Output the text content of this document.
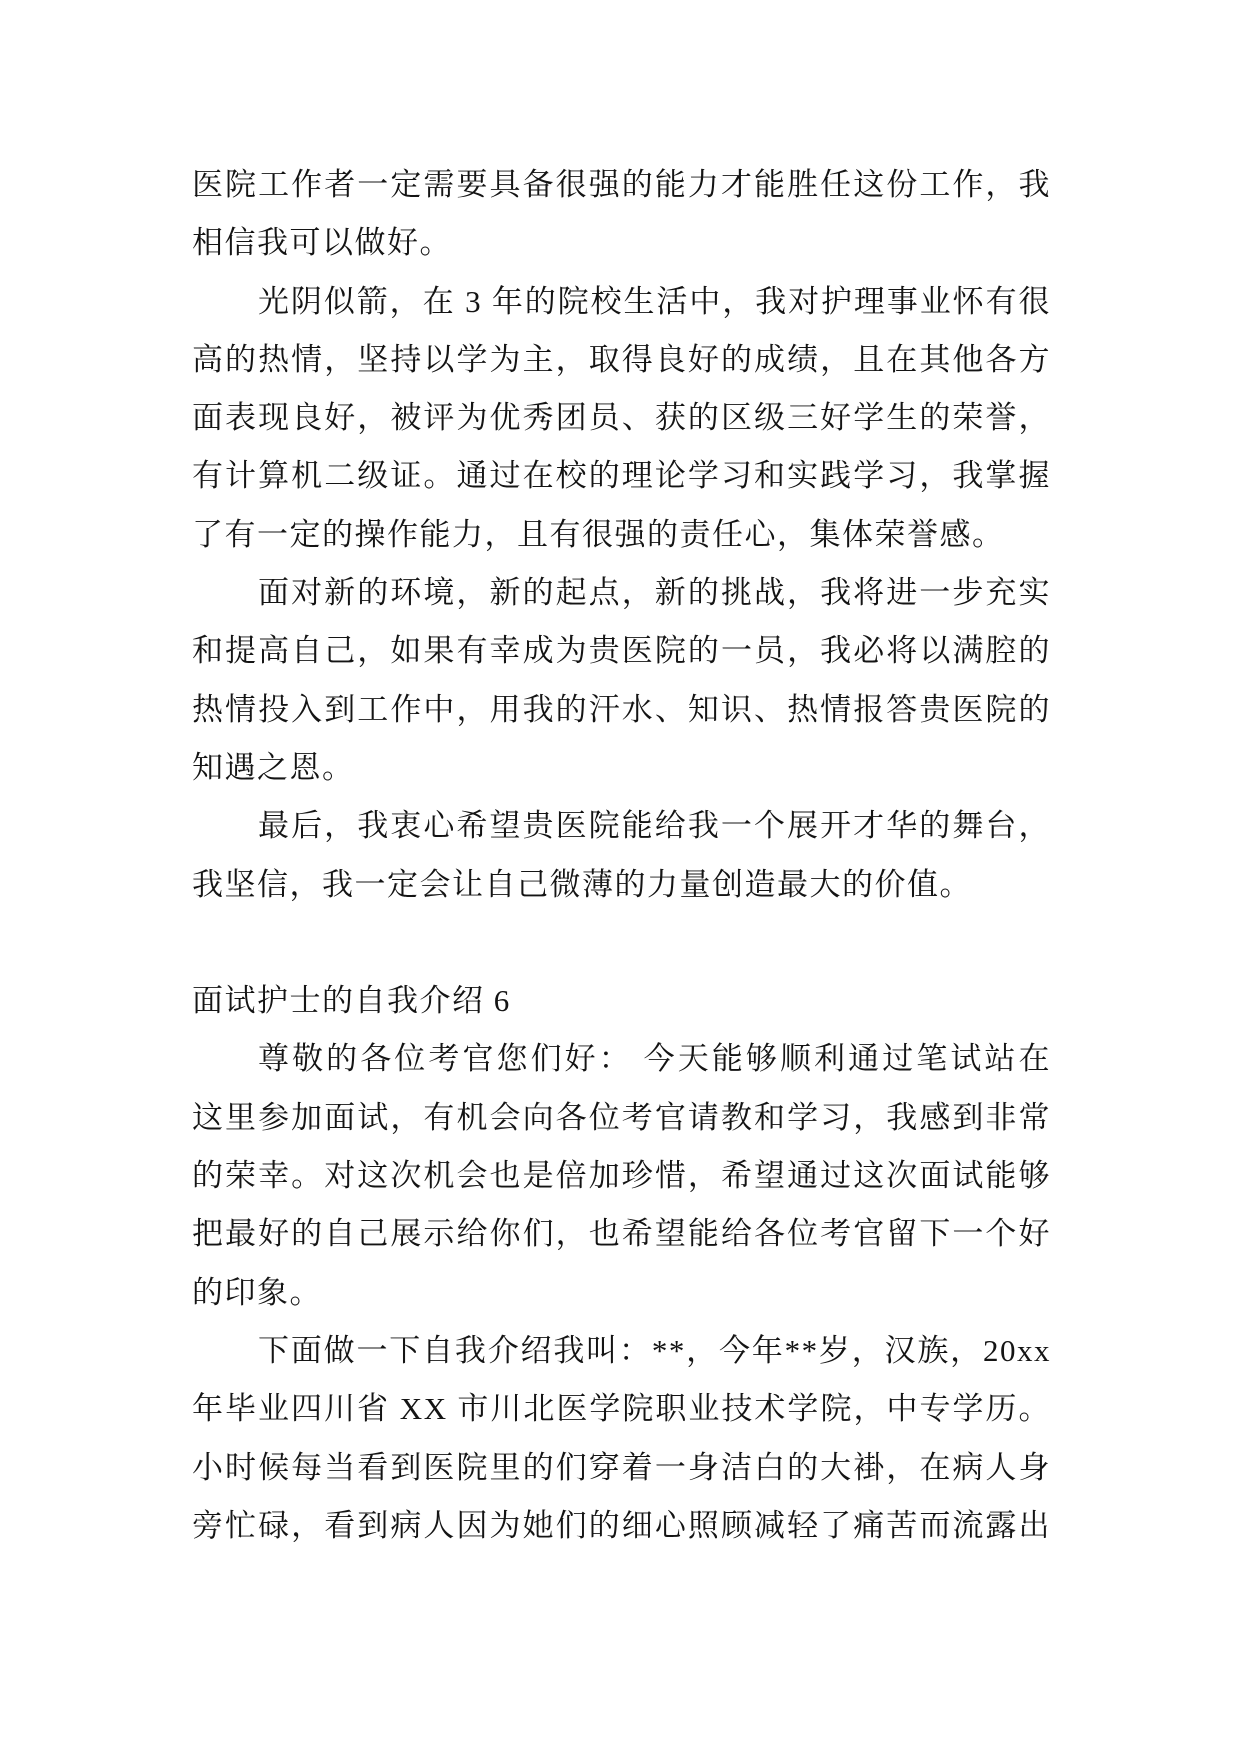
医院工作者一定需要具备很强的能力才能胜任这份工作，我
相信我可以做好。
光阴似箭，在 3 年的院校生活中，我对护理事业怀有很
高的热情，坚持以学为主，取得良好的成绩，且在其他各方
面表现良好，被评为优秀团员、获的区级三好学生的荣誉，
有计算机二级证。通过在校的理论学习和实践学习，我掌握
了有一定的操作能力，且有很强的责任心，集体荣誉感。
面对新的环境，新的起点，新的挑战，我将进一步充实
和提高自己，如果有幸成为贵医院的一员，我必将以满腔的
热情投入到工作中，用我的汗水、知识、热情报答贵医院的
知遇之恩。
最后，我衷心希望贵医院能给我一个展开才华的舞台，
我坚信，我一定会让自己微薄的力量创造最大的价值。
面试护士的自我介绍 6
尊敬的各位考官您们好： 今天能够顺利通过笔试站在
这里参加面试，有机会向各位考官请教和学习，我感到非常
的荣幸。对这次机会也是倍加珍惜，希望通过这次面试能够
把最好的自己展示给你们，也希望能给各位考官留下一个好
的印象。
下面做一下自我介绍我叫：**，今年**岁，汉族，20xx
年毕业四川省 XX 市川北医学院职业技术学院，中专学历。
小时候每当看到医院里的们穿着一身洁白的大褂，在病人身
旁忙碌，看到病人因为她们的细心照顾减轻了痛苦而流露出
